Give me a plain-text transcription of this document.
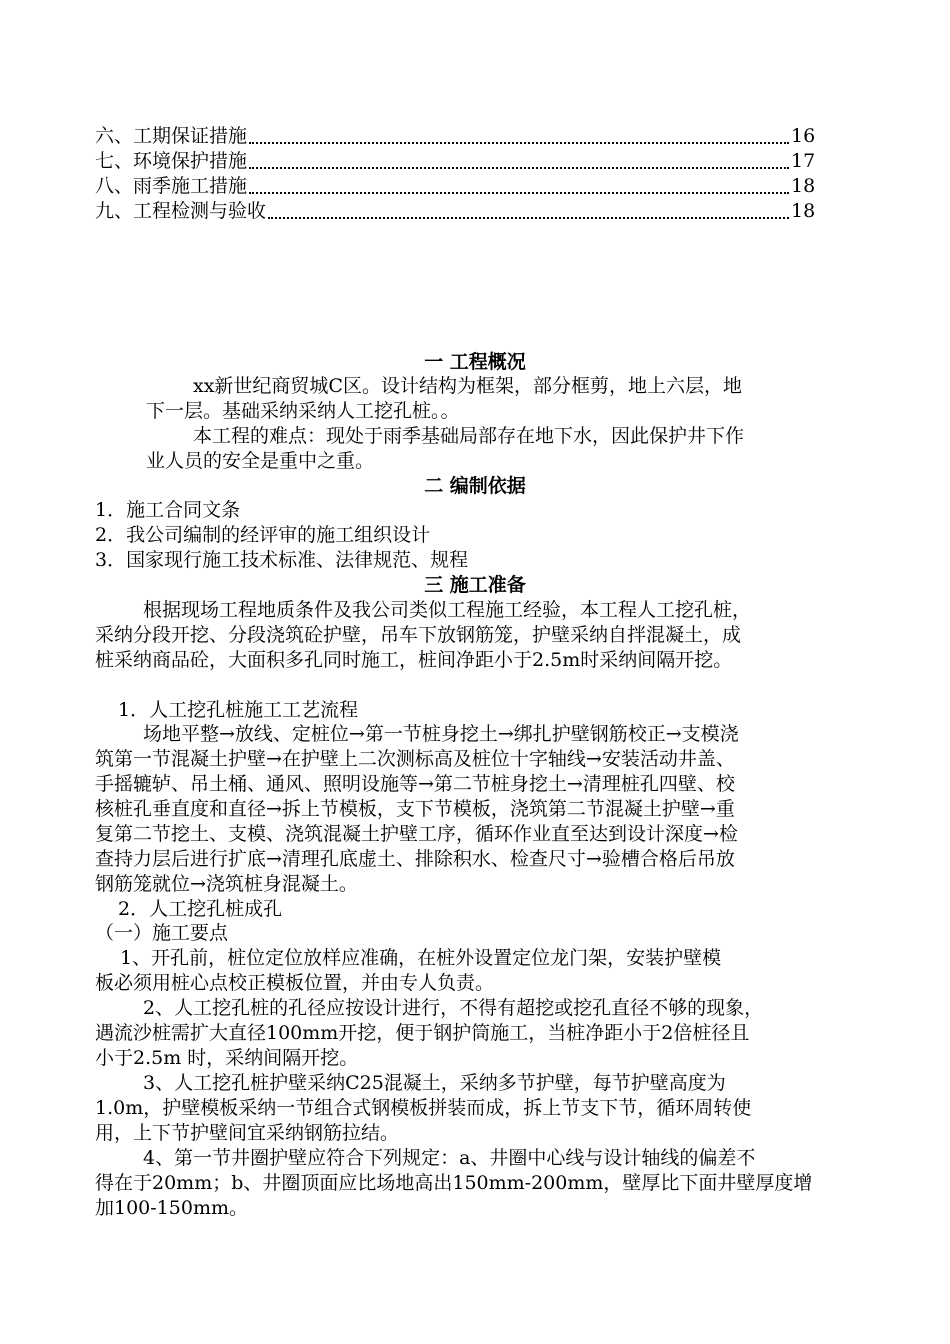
六、工期保证措施	16
七、环境保护措施	17
八、雨季施工措施	18
九、工程检测与验收	18
一 工程概况
xx新世纪商贸城C区。设计结构为框架，部分框剪，地上六层，地
下一层。基础采纳采纳人工挖孔桩。。
本工程的难点：现处于雨季基础局部存在地下水，因此保护井下作
业人员的安全是重中之重。
二 编制依据
1．施工合同文条
2．我公司编制的经评审的施工组织设计
3．国家现行施工技术标准、法律规范、规程
三 施工准备
根据现场工程地质条件及我公司类似工程施工经验，本工程人工挖孔桩，
采纳分段开挖、分段浇筑砼护壁，吊车下放钢筋笼，护壁采纳自拌混凝土，成
桩采纳商品砼，大面积多孔同时施工，桩间净距小于2.5m时采纳间隔开挖。
1．人工挖孔桩施工工艺流程
场地平整→放线、定桩位→第一节桩身挖土→绑扎护壁钢筋校正→支模浇
筑第一节混凝土护壁→在护壁上二次测标高及桩位十字轴线→安装活动井盖、
手摇辘轳、吊土桶、通风、照明设施等→第二节桩身挖土→清理桩孔四壁、校
核桩孔垂直度和直径→拆上节模板，支下节模板，浇筑第二节混凝土护壁→重
复第二节挖土、支模、浇筑混凝土护壁工序，循环作业直至达到设计深度→检
查持力层后进行扩底→清理孔底虚土、排除积水、检查尺寸→验槽合格后吊放
钢筋笼就位→浇筑桩身混凝土。
2．人工挖孔桩成孔
（一）施工要点
1、开孔前，桩位定位放样应准确，在桩外设置定位龙门架，安装护壁模
板必须用桩心点校正模板位置，并由专人负责。
2、人工挖孔桩的孔径应按设计进行，不得有超挖或挖孔直径不够的现象，
遇流沙桩需扩大直径100mm开挖，便于钢护筒施工，当桩净距小于2倍桩径且
小于2.5m 时，采纳间隔开挖。
3、人工挖孔桩护壁采纳C25混凝土，采纳多节护壁，每节护壁高度为
1.0m，护壁模板采纳一节组合式钢模板拼装而成，拆上节支下节，循环周转使
用，上下节护壁间宜采纳钢筋拉结。
4、第一节井圈护壁应符合下列规定：a、井圈中心线与设计轴线的偏差不
得在于20mm；b、井圈顶面应比场地高出150mm-200mm，壁厚比下面井壁厚度增
加100-150mm。
